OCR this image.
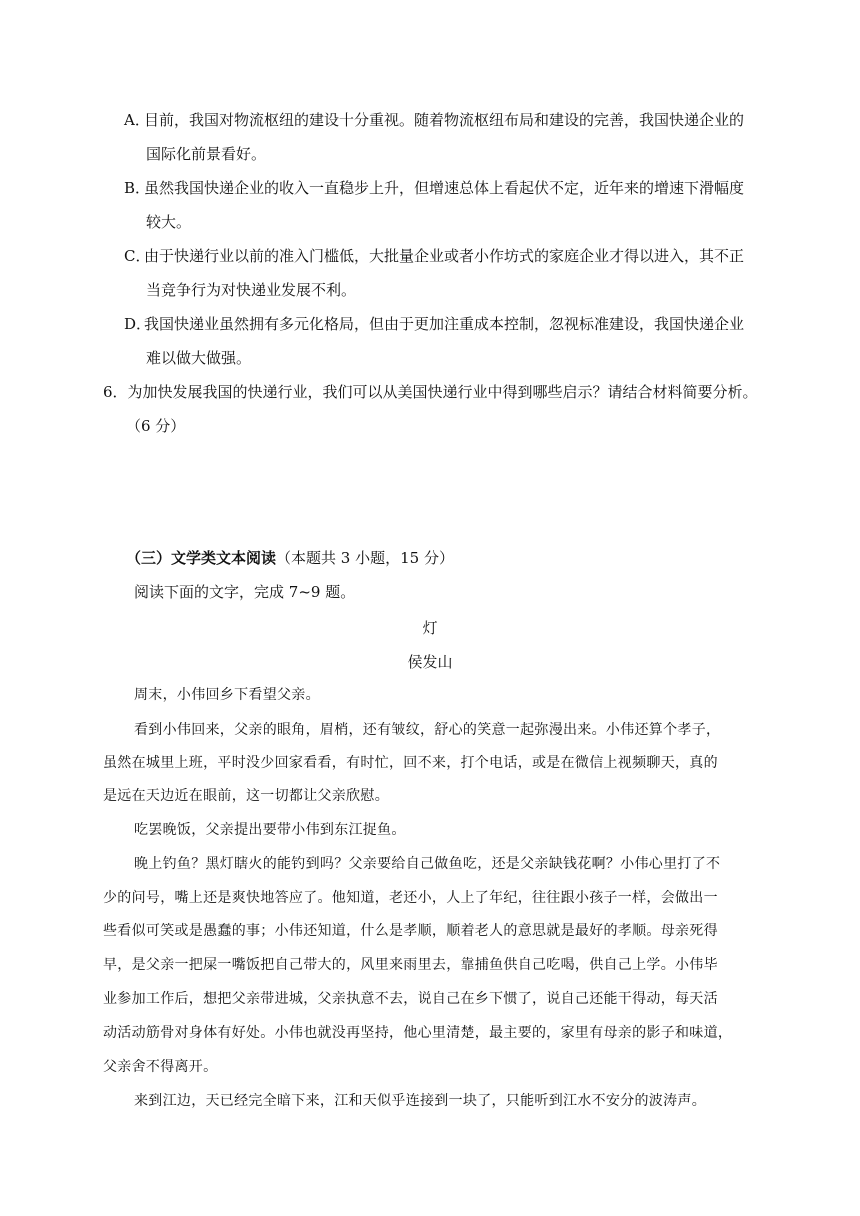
A．目前，我国对物流枢纽的建设十分重视。随着物流枢纽布局和建设的完善，我国快递企业的
国际化前景看好。
B．虽然我国快递企业的收入一直稳步上升，但增速总体上看起伏不定，近年来的增速下滑幅度
较大。
C．由于快递行业以前的准入门槛低，大批量企业或者小作坊式的家庭企业才得以进入，其不正
当竞争行为对快递业发展不利。
D．我国快递业虽然拥有多元化格局，但由于更加注重成本控制，忽视标准建设，我国快递企业
难以做大做强。
6．为加快发展我国的快递行业，我们可以从美国快递行业中得到哪些启示？请结合材料简要分析。
（6 分）
（三）文学类文本阅读（本题共 3 小题，15 分）
阅读下面的文字，完成 7~9 题。
灯
侯发山
周末，小伟回乡下看望父亲。
看到小伟回来，父亲的眼角，眉梢，还有皱纹，舒心的笑意一起弥漫出来。小伟还算个孝子，
虽然在城里上班，平时没少回家看看，有时忙，回不来，打个电话，或是在微信上视频聊天，真的
是远在天边近在眼前，这一切都让父亲欣慰。
吃罢晚饭，父亲提出要带小伟到东江捉鱼。
晚上钓鱼？黑灯瞎火的能钓到吗？父亲要给自己做鱼吃，还是父亲缺钱花啊？小伟心里打了不
少的问号，嘴上还是爽快地答应了。他知道，老还小，人上了年纪，往往跟小孩子一样，会做出一
些看似可笑或是愚蠢的事；小伟还知道，什么是孝顺，顺着老人的意思就是最好的孝顺。母亲死得
早，是父亲一把屎一嘴饭把自己带大的，风里来雨里去，靠捕鱼供自己吃喝，供自己上学。小伟毕
业参加工作后，想把父亲带进城，父亲执意不去，说自己在乡下惯了，说自己还能干得动，每天活
动活动筋骨对身体有好处。小伟也就没再坚持，他心里清楚，最主要的，家里有母亲的影子和味道，
父亲舍不得离开。
来到江边，天已经完全暗下来，江和天似乎连接到一块了，只能听到江水不安分的波涛声。
